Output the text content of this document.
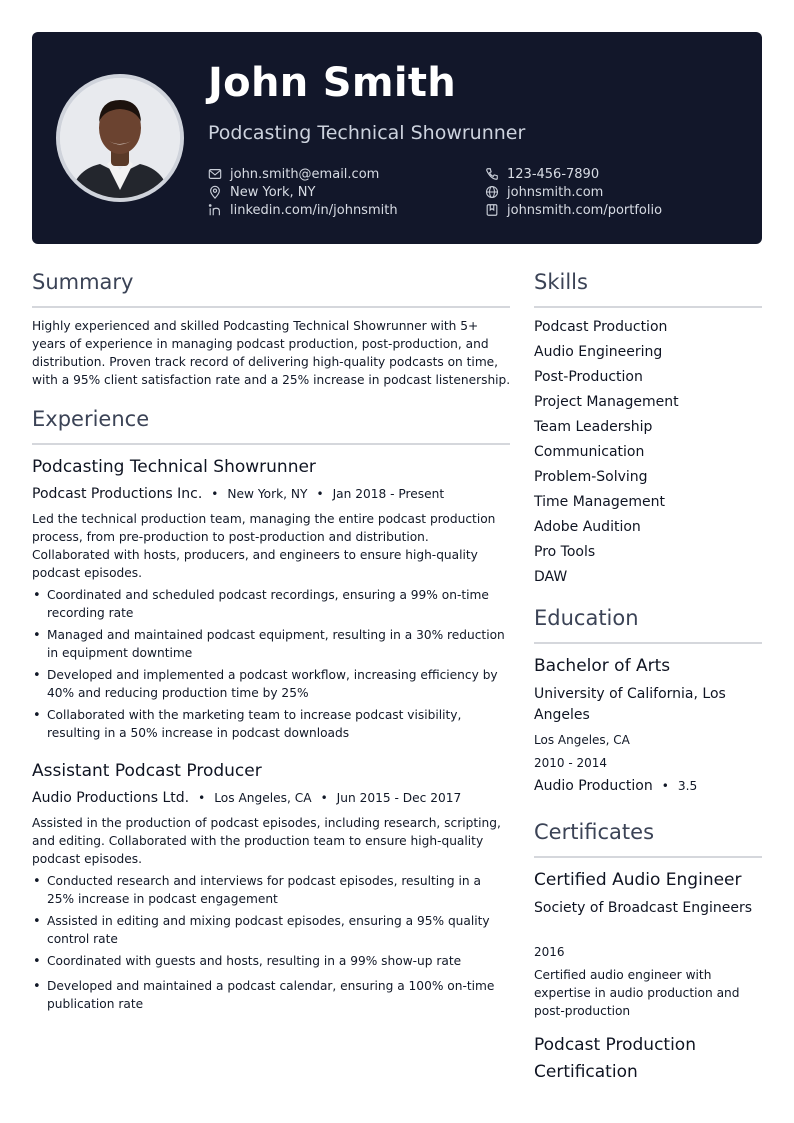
John Smith
Podcasting Technical Showrunner
john.smith@email.com	123-456-7890
New York, NY	johnsmith.com
linkedin.com/in/johnsmith	johnsmith.com/portfolio
Summary
Highly experienced and skilled Podcasting Technical Showrunner with 5+ years of experience in managing podcast production, post-production, and distribution. Proven track record of delivering high-quality podcasts on time, with a 95% client satisfaction rate and a 25% increase in podcast listenership.
Experience
Podcasting Technical Showrunner
Podcast Productions Inc. • New York, NY • Jan 2018 - Present
Led the technical production team, managing the entire podcast production process, from pre-production to post-production and distribution. Collaborated with hosts, producers, and engineers to ensure high-quality podcast episodes.
• Coordinated and scheduled podcast recordings, ensuring a 99% on-time recording rate
• Managed and maintained podcast equipment, resulting in a 30% reduction in equipment downtime
• Developed and implemented a podcast workflow, increasing efficiency by 40% and reducing production time by 25%
• Collaborated with the marketing team to increase podcast visibility, resulting in a 50% increase in podcast downloads
Assistant Podcast Producer
Audio Productions Ltd. • Los Angeles, CA • Jun 2015 - Dec 2017
Assisted in the production of podcast episodes, including research, scripting, and editing. Collaborated with the production team to ensure high-quality podcast episodes.
• Conducted research and interviews for podcast episodes, resulting in a 25% increase in podcast engagement
• Assisted in editing and mixing podcast episodes, ensuring a 95% quality control rate
• Coordinated with guests and hosts, resulting in a 99% show-up rate
• Developed and maintained a podcast calendar, ensuring a 100% on-time publication rate
Skills
Podcast Production
Audio Engineering
Post-Production
Project Management
Team Leadership
Communication
Problem-Solving
Time Management
Adobe Audition
Pro Tools
DAW
Education
Bachelor of Arts
University of California, Los Angeles
Los Angeles, CA
2010 - 2014
Audio Production • 3.5
Certificates
Certified Audio Engineer
Society of Broadcast Engineers
2016
Certified audio engineer with expertise in audio production and post-production
Podcast Production Certification
